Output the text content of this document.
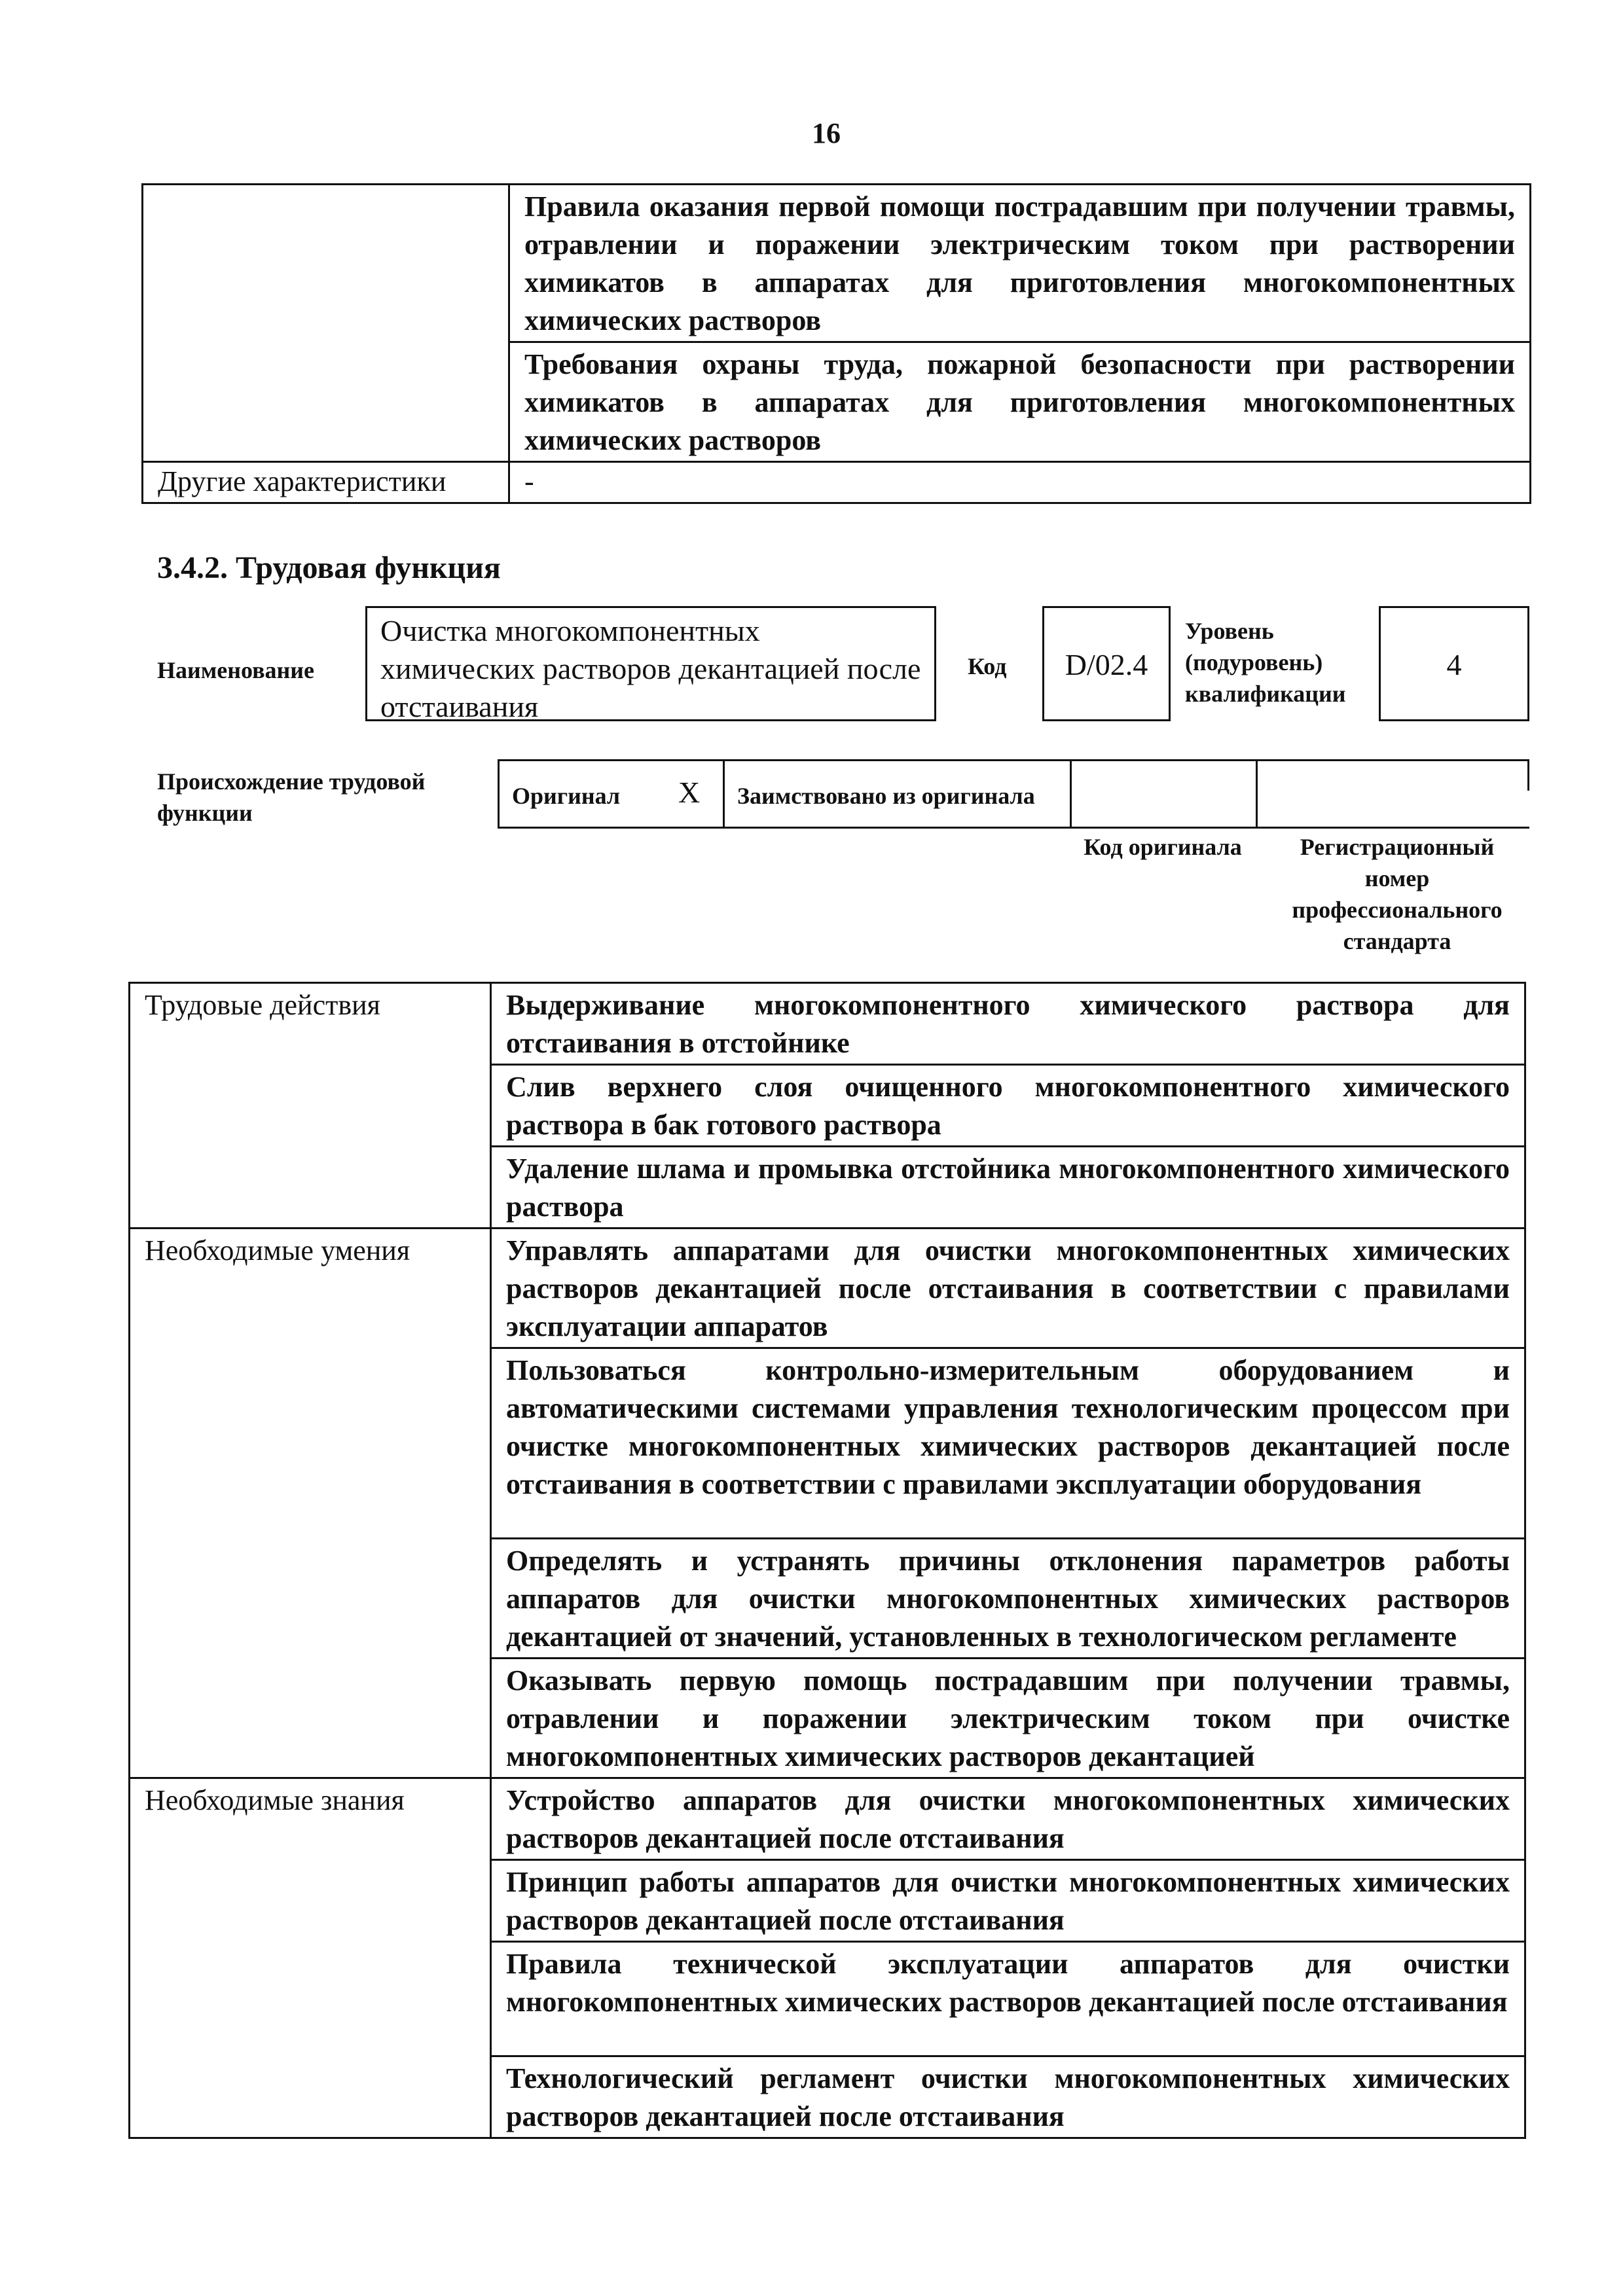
16

	Правила оказания первой помощи пострадавшим при получении травмы, отравлении и поражении электрическим током при растворении химикатов в аппаратах для приготовления многокомпонентных химических растворов

	Требования охраны труда, пожарной безопасности при растворении химикатов в аппаратах для приготовления многокомпонентных химических растворов

Другие характеристики	-
3.4.2. Трудовая функция
Наименование
Очистка многокомпонентных химических растворов декантацией после отстаивания
Код	D/02.4
Уровень (подуровень) квалификации
4
Происхождение трудовой функции
Оригинал X Заимствовано из оригинала
Код оригинала	Регистрационный номер профессионального стандарта
Трудовые действия	Выдерживание многокомпонентного химического раствора для отстаивания в отстойнике

	Слив верхнего слоя очищенного многокомпонентного химического раствора в бак готового раствора

	Удаление шлама и промывка отстойника многокомпонентного химического раствора

Необходимые умения	Управлять аппаратами для очистки многокомпонентных химических растворов декантацией после отстаивания в соответствии с правилами эксплуатации аппаратов

	Пользоваться контрольно-измерительным оборудованием и автоматическими системами управления технологическим процессом при очистке многокомпонентных химических растворов декантацией после отстаивания в соответствии с правилами эксплуатации оборудования

	Определять и устранять причины отклонения параметров работы аппаратов для очистки многокомпонентных химических растворов декантацией от значений, установленных в технологическом регламенте

	Оказывать первую помощь пострадавшим при получении травмы, отравлении и поражении электрическим током при очистке многокомпонентных химических растворов декантацией

Необходимые знания	Устройство аппаратов для очистки многокомпонентных химических растворов декантацией после отстаивания

	Принцип работы аппаратов для очистки многокомпонентных химических растворов декантацией после отстаивания

	Правила технической эксплуатации аппаратов для очистки многокомпонентных химических растворов декантацией после отстаивания

	Технологический регламент очистки многокомпонентных химических растворов декантацией после отстаивания
